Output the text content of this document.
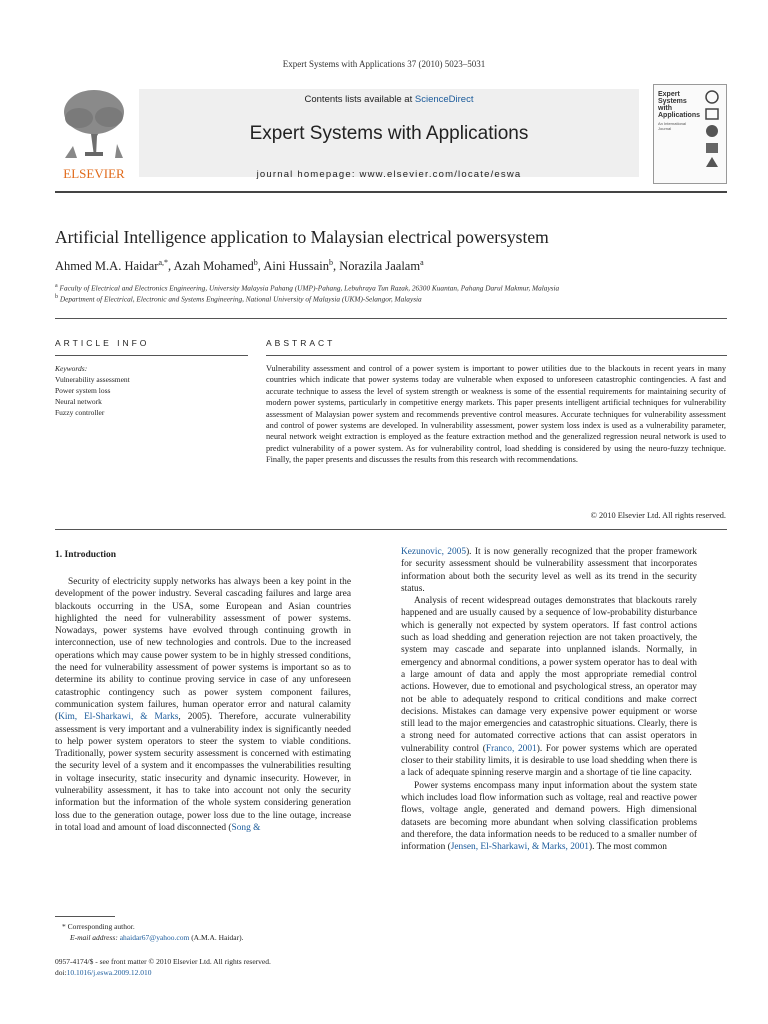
Expert Systems with Applications 37 (2010) 5023–5031
ELSEVIER
Contents lists available at ScienceDirect
Expert Systems with Applications
journal homepage: www.elsevier.com/locate/eswa
Expert
Systems
with
Applications
An International
Journal
Artificial Intelligence application to Malaysian electrical powersystem
Ahmed M.A. Haidar$^{a,*}$, Azah Mohamed$^b$, Aini Hussain$^b$, Norazila Jaalam$^a$
$^a$ Faculty of Electrical and Electronics Engineering, University Malaysia Pahang (UMP)-Pahang, Lebuhraya Tun Razak, 26300 Kuantan, Pahang Darul Makmur, Malaysia
$^b$ Department of Electrical, Electronic and Systems Engineering, National University of Malaysia (UKM)-Selangor, Malaysia
ARTICLE INFO	ABSTRACT
Keywords:
Vulnerability assessment
Power system loss
Neural network
Fuzzy controller
Vulnerability assessment and control of a power system is important to power utilities due to the blackouts in recent years in many countries which indicate that power systems today are vulnerable when exposed to unforeseen catastrophic contingencies. A fast and accurate technique to assess the level of system strength or weakness is some of the essential requirements for maintaining security of modern power systems, particularly in competitive energy markets. This paper presents intelligent artificial techniques for vulnerability assessment of Malaysian power system and recommends preventive control measures. Accurate techniques for vulnerability assessment and control of power systems are developed. In vulnerability assessment, power system loss index is used as a vulnerability parameter, neural network weight extraction is employed as the feature extraction method and the generalized regression neural network is used to predict vulnerability of a power system. As for vulnerability control, load shedding is considered by using the neuro-fuzzy technique. Finally, the paper presents and discusses the results from this research with recommendations.
© 2010 Elsevier Ltd. All rights reserved.
1. Introduction

Security of electricity supply networks has always been a key point in the development of the power industry. Several cascading failures and large area blackouts occurring in the USA, some European and Asian countries highlighted the need for vulnerability assessment of power systems. Nowadays, power systems have evolved through continuing growth in interconnection, use of new technologies and controls. Due to the increased operations which may cause power system to be in highly stressed conditions, the need for vulnerability assessment of power systems is important so as to determine its ability to continue proving service in case of any unforeseen catastrophic contingency such as power system component failures, communication system failures, human operator error and natural calamity (Kim, El-Sharkawi, & Marks, 2005). Therefore, accurate vulnerability assessment is very important and a vulnerability index is significantly needed to help power system operators to steer the system to viable conditions. Traditionally, power system security assessment is concerned with estimating the security level of a system and it encompasses the vulnerabilities resulting in voltage insecurity, static insecurity and dynamic insecurity. However, in vulnerability assessment, it has to take into account not only the security information but the information of the whole system considering generation loss due to the generation outage, power loss due to the line outage, increase in total load and amount of load disconnected (Song &

Kezunovic, 2005). It is now generally recognized that the proper framework for security assessment should be vulnerability assessment that incorporates information about both the security level as well as its trend in the security status.

Analysis of recent widespread outages demonstrates that blackouts rarely happened and are usually caused by a sequence of low-probability disturbance which is generally not expected by system operators. If fast control actions such as load shedding and generation rejection are not taken proactively, the system may cascade and separate into unplanned islands. Normally, in emergency and abnormal conditions, a power system operator has to deal with a large amount of data and apply the most appropriate remedial control actions. However, due to emotional and psychological stress, an operator may not be able to adequately respond to critical conditions and make correct decisions. Mistakes can damage very expensive power equipment or worse still lead to the major emergencies and catastrophic situations. Clearly, there is a strong need for automated corrective actions that can assist operators in vulnerability control (Franco, 2001). For power systems which are operated closer to their stability limits, it is desirable to use load shedding when there is a lack of adequate spinning reserve margin and a shortage of tie line capacity.

Power systems encompass many input information about the system state which includes load flow information such as voltage, real and reactive power flows, voltage angle, generated and demand powers. High dimensional datasets are becoming more abundant when solving classification problems and therefore, the data information needs to be reduced to a smaller number of information (Jensen, El-Sharkawi, & Marks, 2001). The most common

* Corresponding author.
E-mail address: ahaidar67@yahoo.com (A.M.A. Haidar).
0957-4174/$ - see front matter © 2010 Elsevier Ltd. All rights reserved.
doi:10.1016/j.eswa.2009.12.010
